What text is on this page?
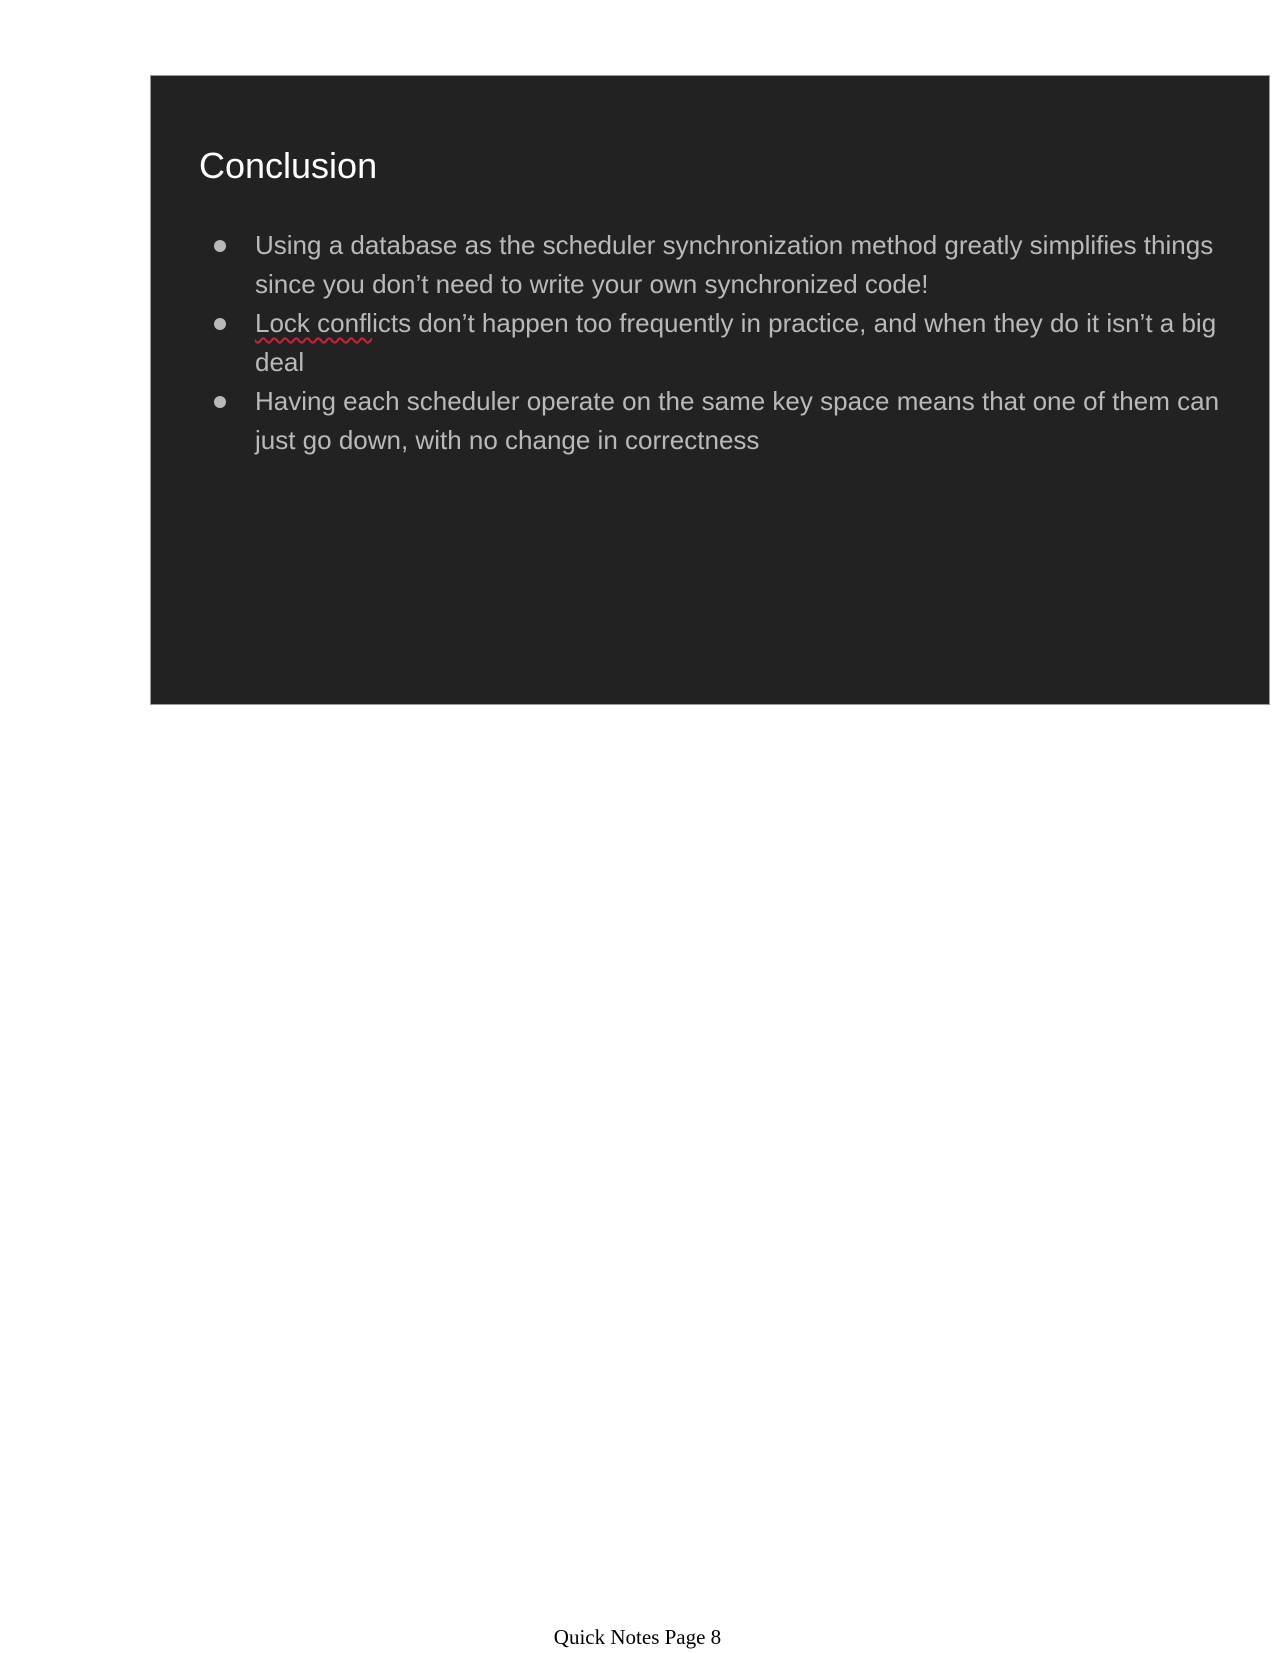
Conclusion
Using a database as the scheduler synchronization method greatly simplifies things since you don’t need to write your own synchronized code!
Lock conflicts don’t happen too frequently in practice, and when they do it isn’t a big deal
Having each scheduler operate on the same key space means that one of them can just go down, with no change in correctness
Quick Notes Page 8
